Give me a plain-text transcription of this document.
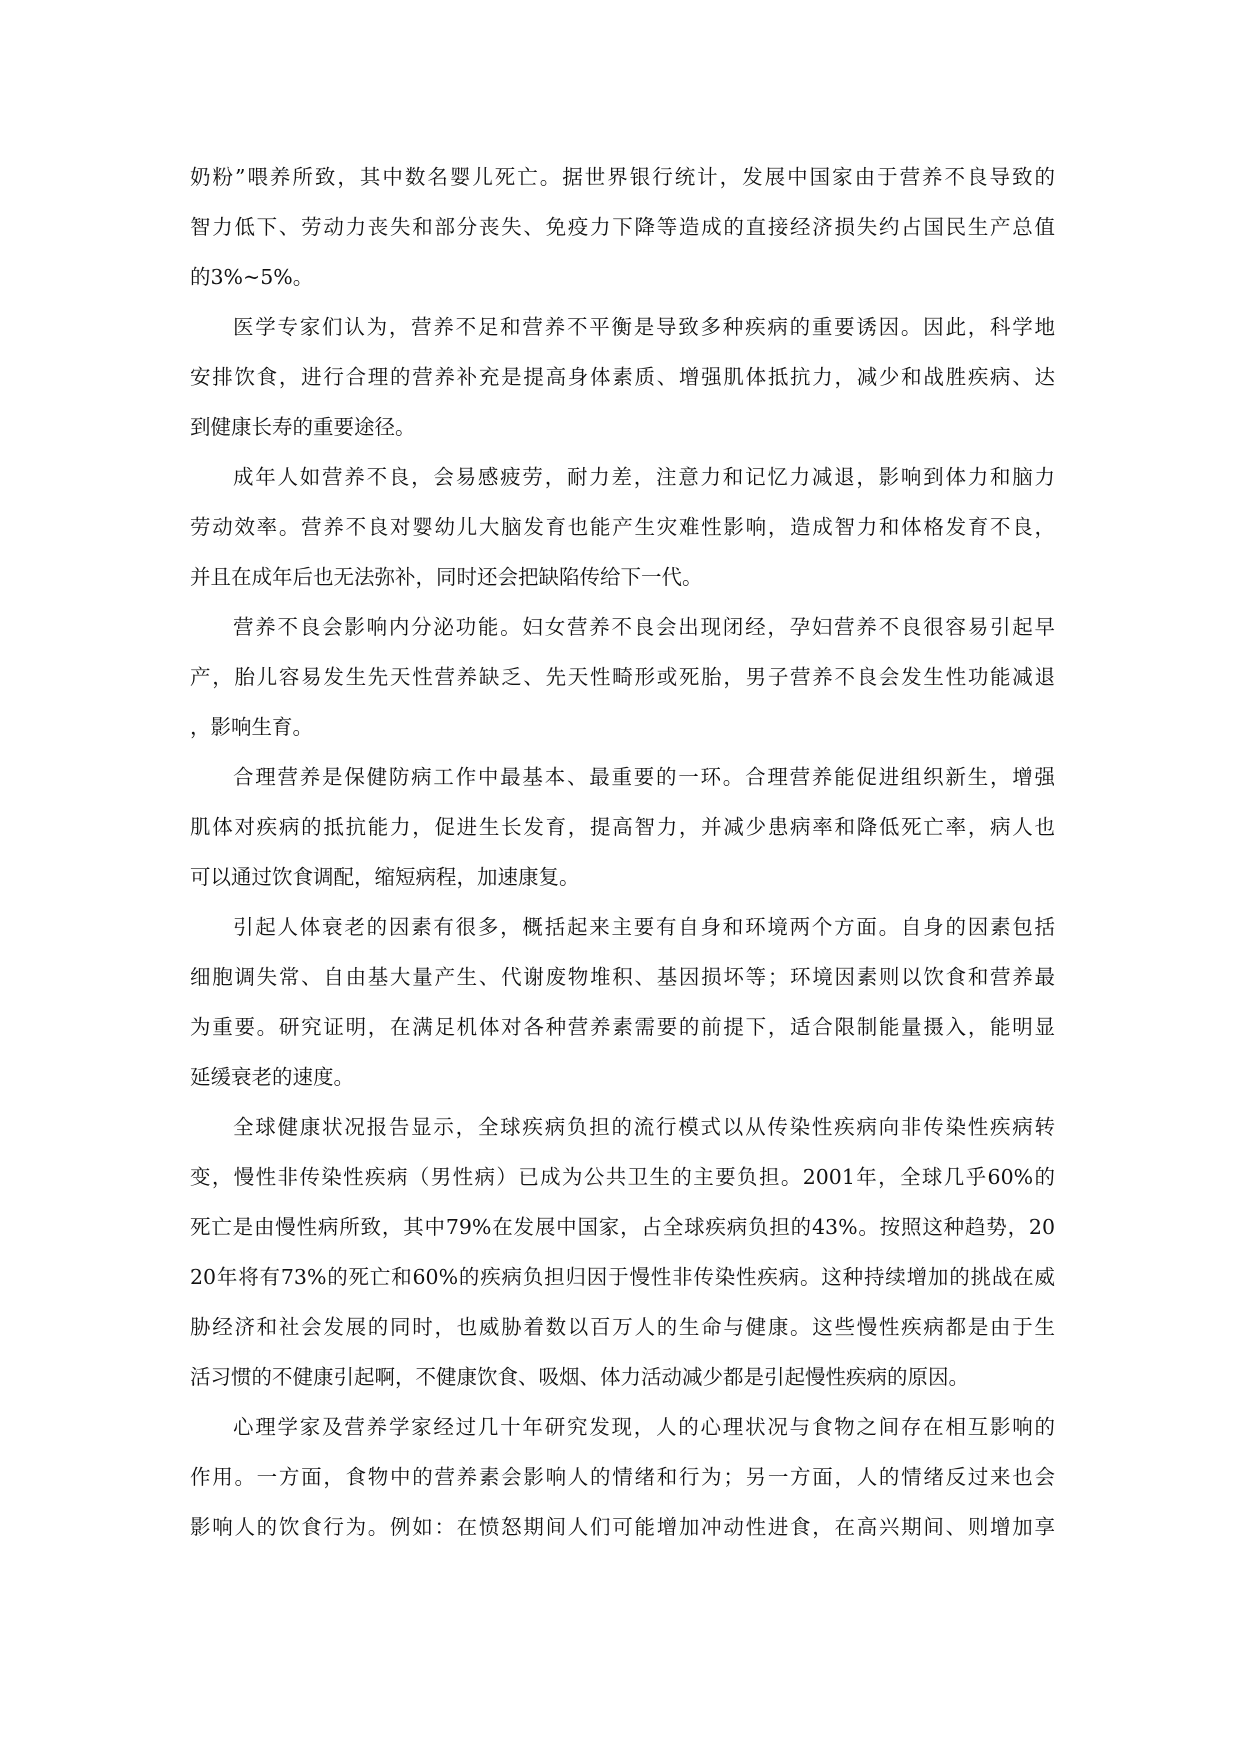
奶粉”喂养所致，其中数名婴儿死亡。据世界银行统计，发展中国家由于营养不良导致的
智力低下、劳动力丧失和部分丧失、免疫力下降等造成的直接经济损失约占国民生产总值
的3%~5%。
医学专家们认为，营养不足和营养不平衡是导致多种疾病的重要诱因。因此，科学地
安排饮食，进行合理的营养补充是提高身体素质、增强肌体抵抗力，减少和战胜疾病、达
到健康长寿的重要途径。
成年人如营养不良，会易感疲劳，耐力差，注意力和记忆力减退，影响到体力和脑力
劳动效率。营养不良对婴幼儿大脑发育也能产生灾难性影响，造成智力和体格发育不良，
并且在成年后也无法弥补，同时还会把缺陷传给下一代。
营养不良会影响内分泌功能。妇女营养不良会出现闭经，孕妇营养不良很容易引起早
产，胎儿容易发生先天性营养缺乏、先天性畸形或死胎，男子营养不良会发生性功能减退
，影响生育。
合理营养是保健防病工作中最基本、最重要的一环。合理营养能促进组织新生，增强
肌体对疾病的抵抗能力，促进生长发育，提高智力，并减少患病率和降低死亡率，病人也
可以通过饮食调配，缩短病程，加速康复。
引起人体衰老的因素有很多，概括起来主要有自身和环境两个方面。自身的因素包括
细胞调失常、自由基大量产生、代谢废物堆积、基因损坏等；环境因素则以饮食和营养最
为重要。研究证明，在满足机体对各种营养素需要的前提下，适合限制能量摄入，能明显
延缓衰老的速度。
全球健康状况报告显示，全球疾病负担的流行模式以从传染性疾病向非传染性疾病转
变，慢性非传染性疾病（男性病）已成为公共卫生的主要负担。2001年，全球几乎60%的
死亡是由慢性病所致，其中79%在发展中国家，占全球疾病负担的43%。按照这种趋势，20
20年将有73%的死亡和60%的疾病负担归因于慢性非传染性疾病。这种持续增加的挑战在威
胁经济和社会发展的同时，也威胁着数以百万人的生命与健康。这些慢性疾病都是由于生
活习惯的不健康引起啊，不健康饮食、吸烟、体力活动减少都是引起慢性疾病的原因。
心理学家及营养学家经过几十年研究发现，人的心理状况与食物之间存在相互影响的
作用。一方面，食物中的营养素会影响人的情绪和行为；另一方面，人的情绪反过来也会
影响人的饮食行为。例如：在愤怒期间人们可能增加冲动性进食，在高兴期间、则增加享
